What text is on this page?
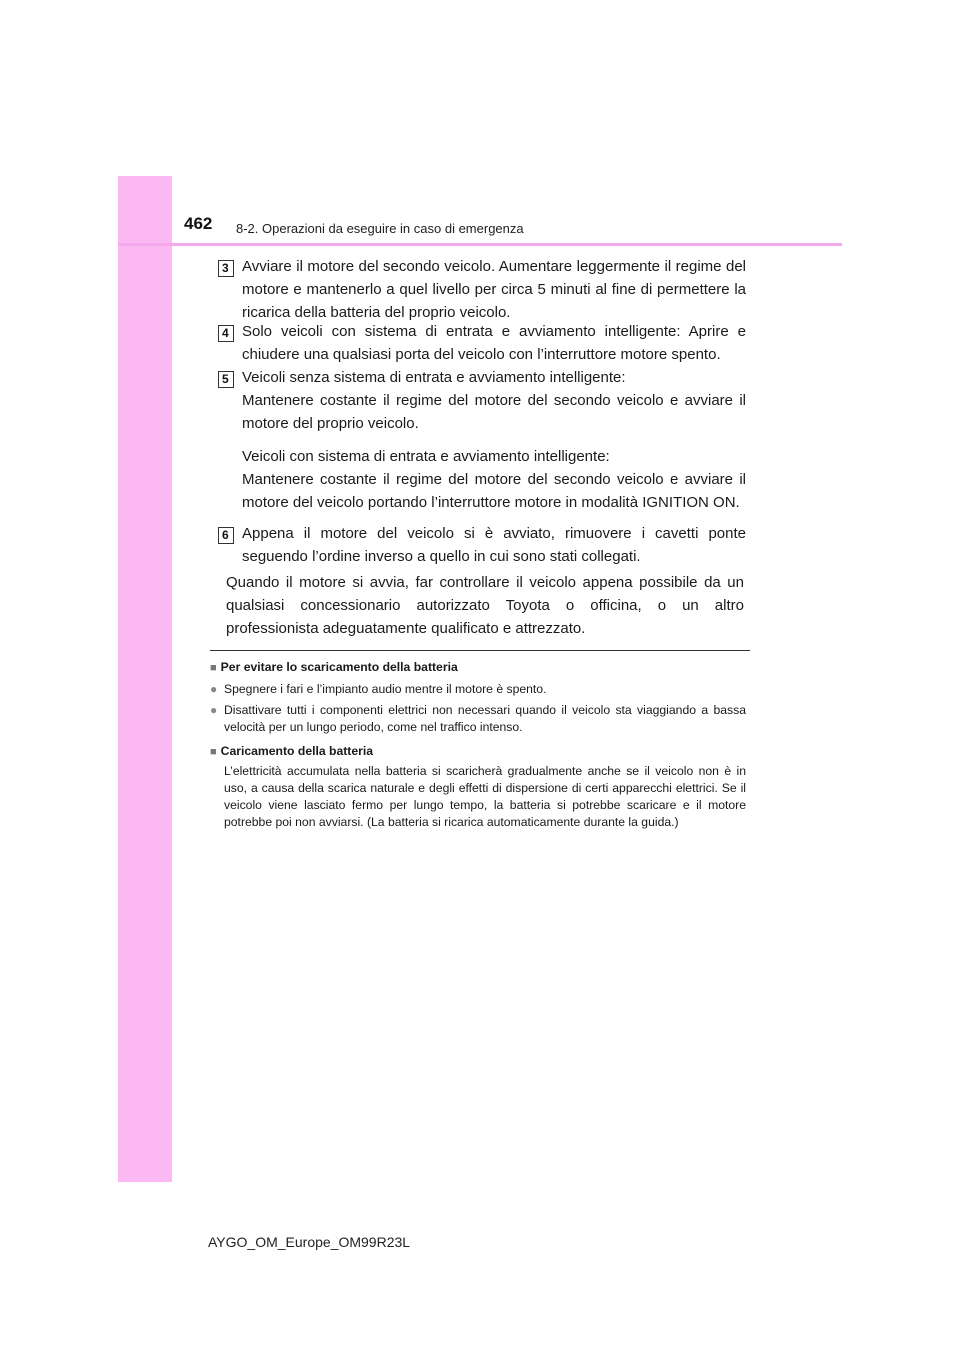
462 8-2. Operazioni da eseguire in caso di emergenza
3 Avviare il motore del secondo veicolo. Aumentare leggermente il regime del motore e mantenerlo a quel livello per circa 5 minuti al fine di permettere la ricarica della batteria del proprio veicolo.

4 Solo veicoli con sistema di entrata e avviamento intelligente: Aprire e chiudere una qualsiasi porta del veicolo con l’interruttore motore spento.

5 Veicoli senza sistema di entrata e avviamento intelligente:

Mantenere costante il regime del motore del secondo veicolo e avviare il motore del proprio veicolo.

Veicoli con sistema di entrata e avviamento intelligente:

Mantenere costante il regime del motore del secondo veicolo e avviare il motore del veicolo portando l’interruttore motore in modalità IGNITION ON.

6 Appena il motore del veicolo si è avviato, rimuovere i cavetti ponte seguendo l’ordine inverso a quello in cui sono stati collegati.

Quando il motore si avvia, far controllare il veicolo appena possibile da un qualsiasi concessionario autorizzato Toyota o officina, o un altro professionista adeguatamente qualificato e attrezzato.
■ Per evitare lo scaricamento della batteria
● Spegnere i fari e l’impianto audio mentre il motore è spento.
● Disattivare tutti i componenti elettrici non necessari quando il veicolo sta viaggiando a bassa velocità per un lungo periodo, come nel traffico intenso.
■ Caricamento della batteria
L’elettricità accumulata nella batteria si scaricherà gradualmente anche se il veicolo non è in uso, a causa della scarica naturale e degli effetti di dispersione di certi apparecchi elettrici. Se il veicolo viene lasciato fermo per lungo tempo, la batteria si potrebbe scaricare e il motore potrebbe poi non avviarsi. (La batteria si ricarica automaticamente durante la guida.)
AYGO_OM_Europe_OM99R23L
